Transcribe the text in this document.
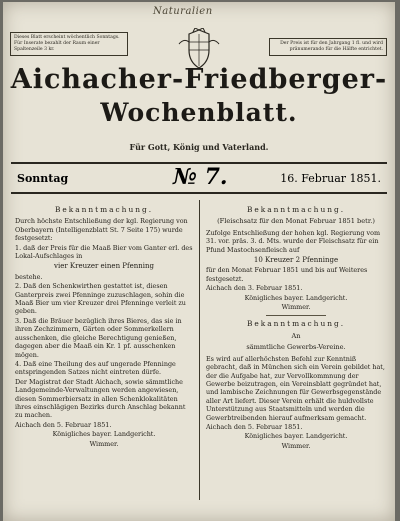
Naturalien
Dieses Blatt erscheint wöchentlich Sonntags. Für Inserate bezahlt der Raum einer Spaltenzeile 3 kr.
Der Preis ist für den Jahrgang 1 fl. und wird pränumerando für die Hälfte entrichtet.
Aichacher-Friedberger-
Wochenblatt.
Für Gott, König und Vaterland.
Sonntag	№ 7.	16. Februar 1851.
Bekanntmachung.

Durch höchste Entschließung der kgl. Regierung von Oberbayern (Intelligenzblatt St. 7 Seite 175) wurde festgesetzt:

1. daß der Preis für die Maaß Bier vom Ganter erl. des Lokal-Aufschlages in

vier Kreuzer einen Pfenning

bestehe.

2. Daß den Schenkwirthen gestattet ist, diesen Ganterpreis zwei Pfenninge zuzuschlagen, sohin die Maaß Bier um vier Kreuzer drei Pfenninge verleit zu geben.

3. Daß die Bräuer bezüglich ihres Bieres, das sie in ihren Zechzimmern, Gärten oder Sommerkellern ausschenken, die gleiche Berechtigung genießen, dagegen aber die Maaß ein Kr. 1 pf. ausschenken mögen.

4. Daß eine Theilung des auf ungerade Pfenninge entspringenden Satzes nicht eintreten dürfe.

Der Magistrat der Stadt Aichach, sowie sämmtliche Landgemeinde-Verwaltungen werden angewiesen, diesen Sommerbiersatz in allen Schenklokalitäten ihres einschlägigen Bezirks durch Anschlag bekannt zu machen.

Aichach den 5. Februar 1851.

Königliches bayer. Landgericht.
Wimmer.
Bekanntmachung.
(Fleischsatz für den Monat Februar 1851 betr.)

Zufolge Entschließung der hohen kgl. Regierung vom 31. vor. präs. 3. d. Mts. wurde der Fleischsatz für ein Pfund Mastochsenfleisch auf

10 Kreuzer 2 Pfenninge

für den Monat Februar 1851 und bis auf Weiteres festgesetzt.

Aichach den 3. Februar 1851.

Königliches bayer. Landgericht.
Wimmer.
Bekanntmachung.
An
sämmtliche Gewerbs-Vereine.

Es wird auf allerhöchsten Befehl zur Kenntniß gebracht, daß in München sich ein Verein gebildet hat, der die Aufgabe hat, zur Vervollkommnung der Gewerbe beizutragen, ein Vereinsblatt gegründet hat, und lambische Zeichnungen für Gewerbsgegenstände aller Art liefert. Dieser Verein erhält die huldvollste Unterstützung aus Staatsmitteln und werden die Gewerbtreibenden hierauf aufmerksam gemacht.

Aichach den 5. Februar 1851.

Königliches bayer. Landgericht.
Wimmer.
